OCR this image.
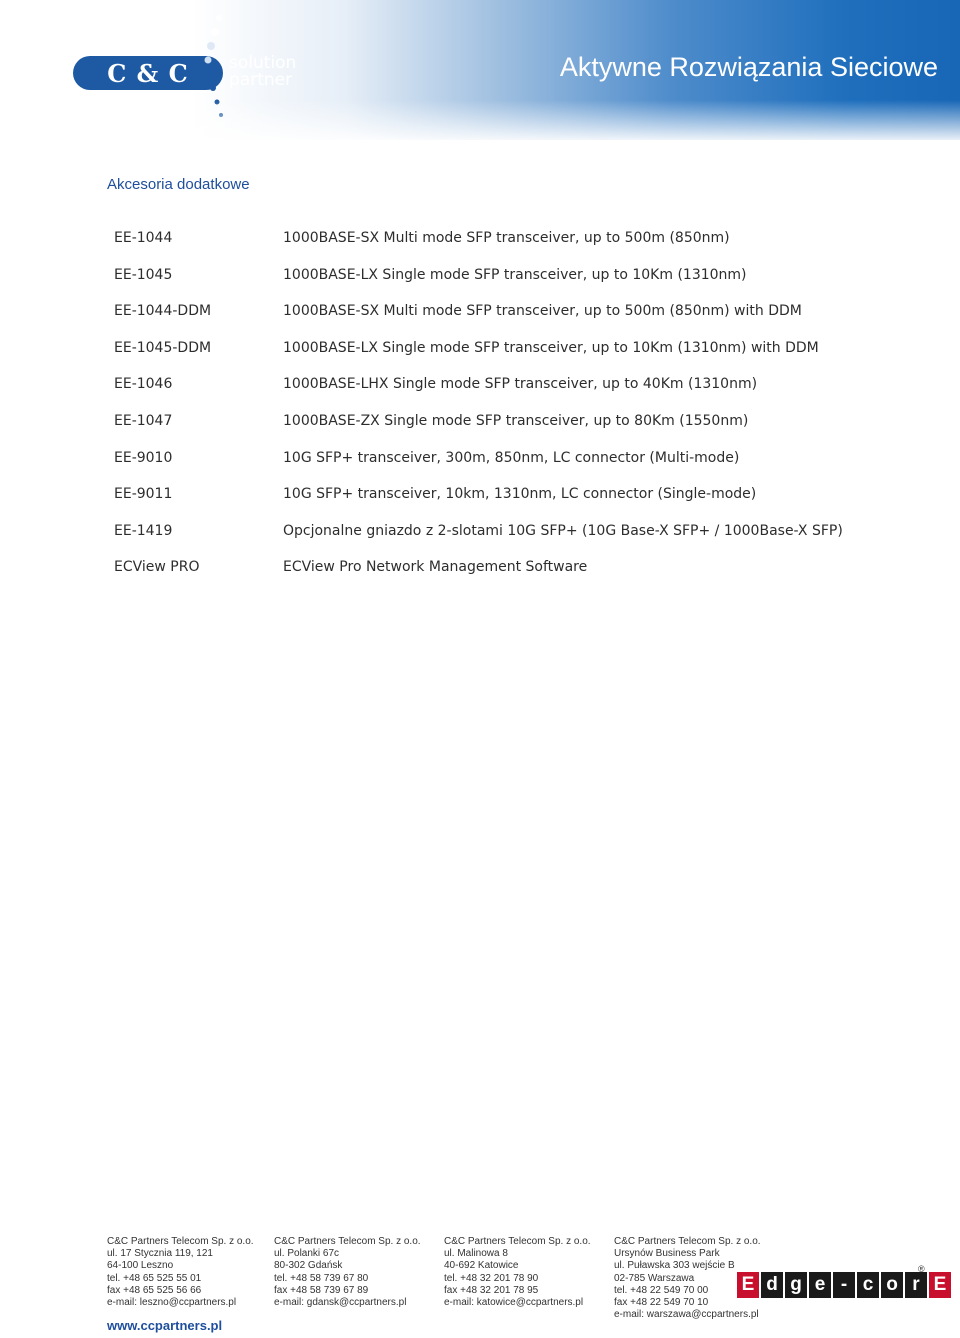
C & C solution
partner	Aktywne Rozwiązania Sieciowe
Akcesoria dodatkowe
EE-1044	1000BASE-SX Multi mode SFP transceiver, up to 500m (850nm)
EE-1045	1000BASE-LX Single mode SFP transceiver, up to 10Km (1310nm)
EE-1044-DDM	1000BASE-SX Multi mode SFP transceiver, up to 500m (850nm) with DDM
EE-1045-DDM	1000BASE-LX Single mode SFP transceiver, up to 10Km (1310nm) with DDM
EE-1046	1000BASE-LHX Single mode SFP transceiver, up to 40Km (1310nm)
EE-1047	1000BASE-ZX Single mode SFP transceiver, up to 80Km (1550nm)
EE-9010	10G SFP+ transceiver, 300m, 850nm, LC connector (Multi-mode)
EE-9011	10G SFP+ transceiver, 10km, 1310nm, LC connector (Single-mode)
EE-1419	Opcjonalne gniazdo z 2-slotami 10G SFP+ (10G Base-X SFP+ / 1000Base-X SFP)
ECView PRO	ECView Pro Network Management Software
C&C Partners Telecom Sp. z o.o.
ul. 17 Stycznia 119, 121
64-100 Leszno
tel. +48 65 525 55 01
fax +48 65 525 56 66
e-mail: leszno@ccpartners.pl
C&C Partners Telecom Sp. z o.o.
ul. Polanki 67c
80-302 Gdańsk
tel. +48 58 739 67 80
fax +48 58 739 67 89
e-mail: gdansk@ccpartners.pl
C&C Partners Telecom Sp. z o.o.
ul. Malinowa 8
40-692 Katowice
tel. +48 32 201 78 90
fax +48 32 201 78 95
e-mail: katowice@ccpartners.pl
C&C Partners Telecom Sp. z o.o.
Ursynów Business Park
ul. Puławska 303 wejście B
02-785 Warszawa
tel. +48 22 549 70 00
fax +48 22 549 70 10
e-mail: warszawa@ccpartners.pl
www.ccpartners.pl
E d g e - c o r E
®
